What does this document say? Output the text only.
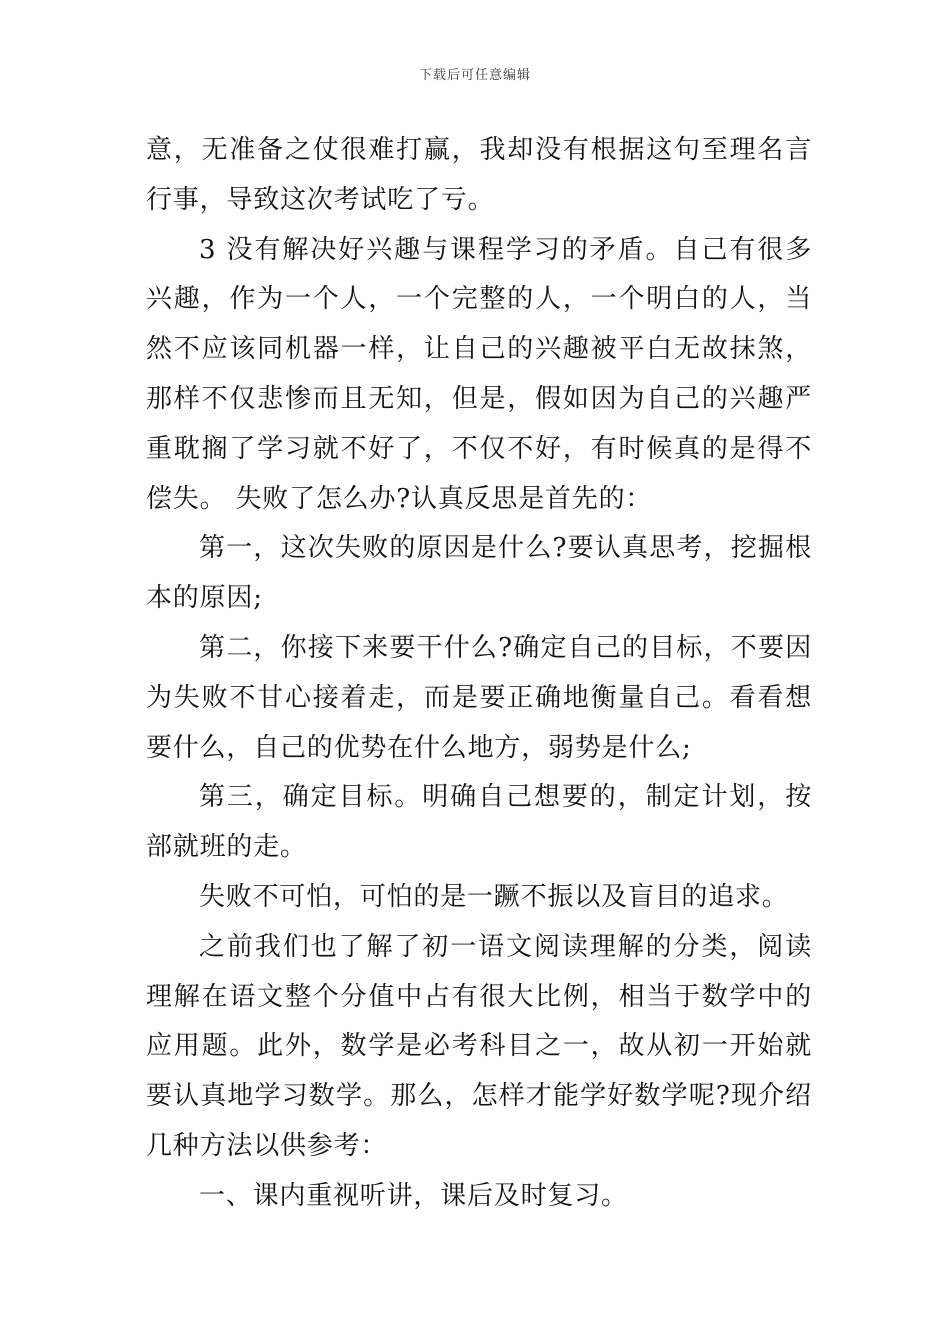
下载后可任意编辑

意，无准备之仗很难打赢，我却没有根据这句至理名言行事，导致这次考试吃了亏。

3 没有解决好兴趣与课程学习的矛盾。自己有很多兴趣，作为一个人，一个完整的人，一个明白的人，当然不应该同机器一样，让自己的兴趣被平白无故抹煞，那样不仅悲惨而且无知，但是，假如因为自己的兴趣严重耽搁了学习就不好了，不仅不好，有时候真的是得不偿失。 失败了怎么办?认真反思是首先的：

第一，这次失败的原因是什么?要认真思考，挖掘根本的原因;

第二，你接下来要干什么?确定自己的目标，不要因为失败不甘心接着走，而是要正确地衡量自己。看看想要什么，自己的优势在什么地方，弱势是什么;

第三，确定目标。明确自己想要的，制定计划，按部就班的走。

失败不可怕，可怕的是一蹶不振以及盲目的追求。

之前我们也了解了初一语文阅读理解的分类，阅读理解在语文整个分值中占有很大比例，相当于数学中的应用题。此外，数学是必考科目之一，故从初一开始就要认真地学习数学。那么，怎样才能学好数学呢?现介绍几种方法以供参考：

一、课内重视听讲，课后及时复习。
